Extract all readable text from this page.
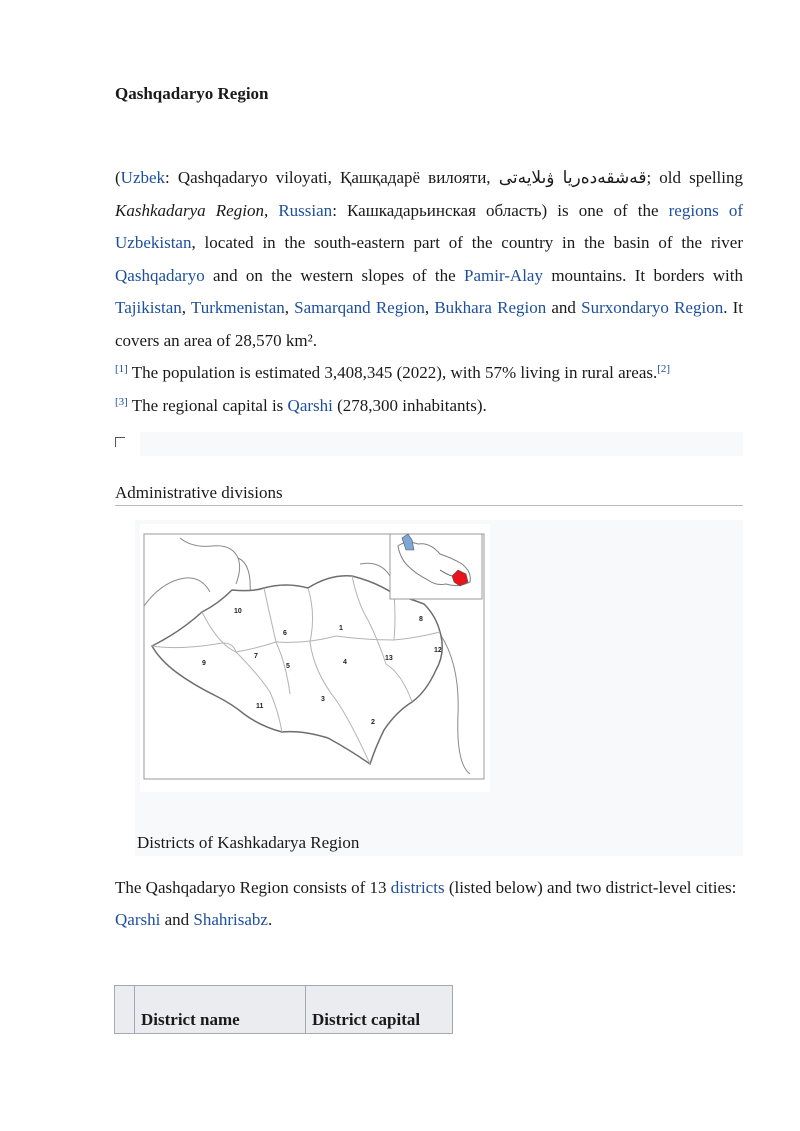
Qashqadaryo Region

(Uzbek: Qashqadaryo viloyati, Қашқадарё вилояти, قەشقەدەریا ۋىلايەتى; old spelling Kashkadarya Region, Russian: Кашкадарьинская область) is one of the regions of Uzbekistan, located in the south-eastern part of the country in the basin of the river Qashqadaryo and on the western slopes of the Pamir-Alay mountains. It borders with Tajikistan, Turkmenistan, Samarqand Region, Bukhara Region and Surxondaryo Region. It covers an area of 28,570 km².
[1] The population is estimated 3,408,345 (2022), with 57% living in rural areas.[2]
[3] The regional capital is Qarshi (278,300 inhabitants).

Administrative divisions
1
2
3
4
5
6
7
8
9
10
11
12
13
Districts of Kashkadarya Region

The Qashqadaryo Region consists of 13 districts (listed below) and two district-level cities: Qarshi and Shahrisabz.

	District name	District capital
